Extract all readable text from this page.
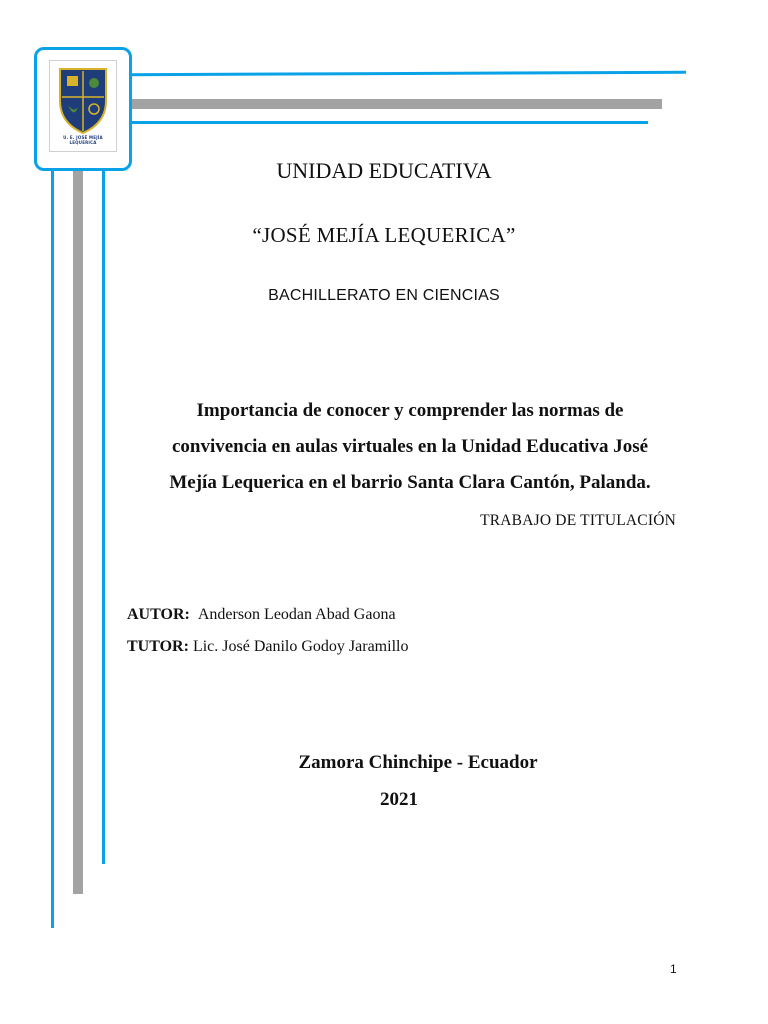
U. E. JOSÉ MEJÍA LEQUERICA
UNIDAD EDUCATIVA
“JOSÉ MEJÍA LEQUERICA”
BACHILLERATO EN CIENCIAS
Importancia de conocer y comprender las normas de
convivencia en aulas virtuales en la Unidad Educativa José
Mejía Lequerica en el barrio Santa Clara Cantón, Palanda.
TRABAJO DE TITULACIÓN
AUTOR: Anderson Leodan Abad Gaona
TUTOR: Lic. José Danilo Godoy Jaramillo
Zamora Chinchipe - Ecuador
2021
1
